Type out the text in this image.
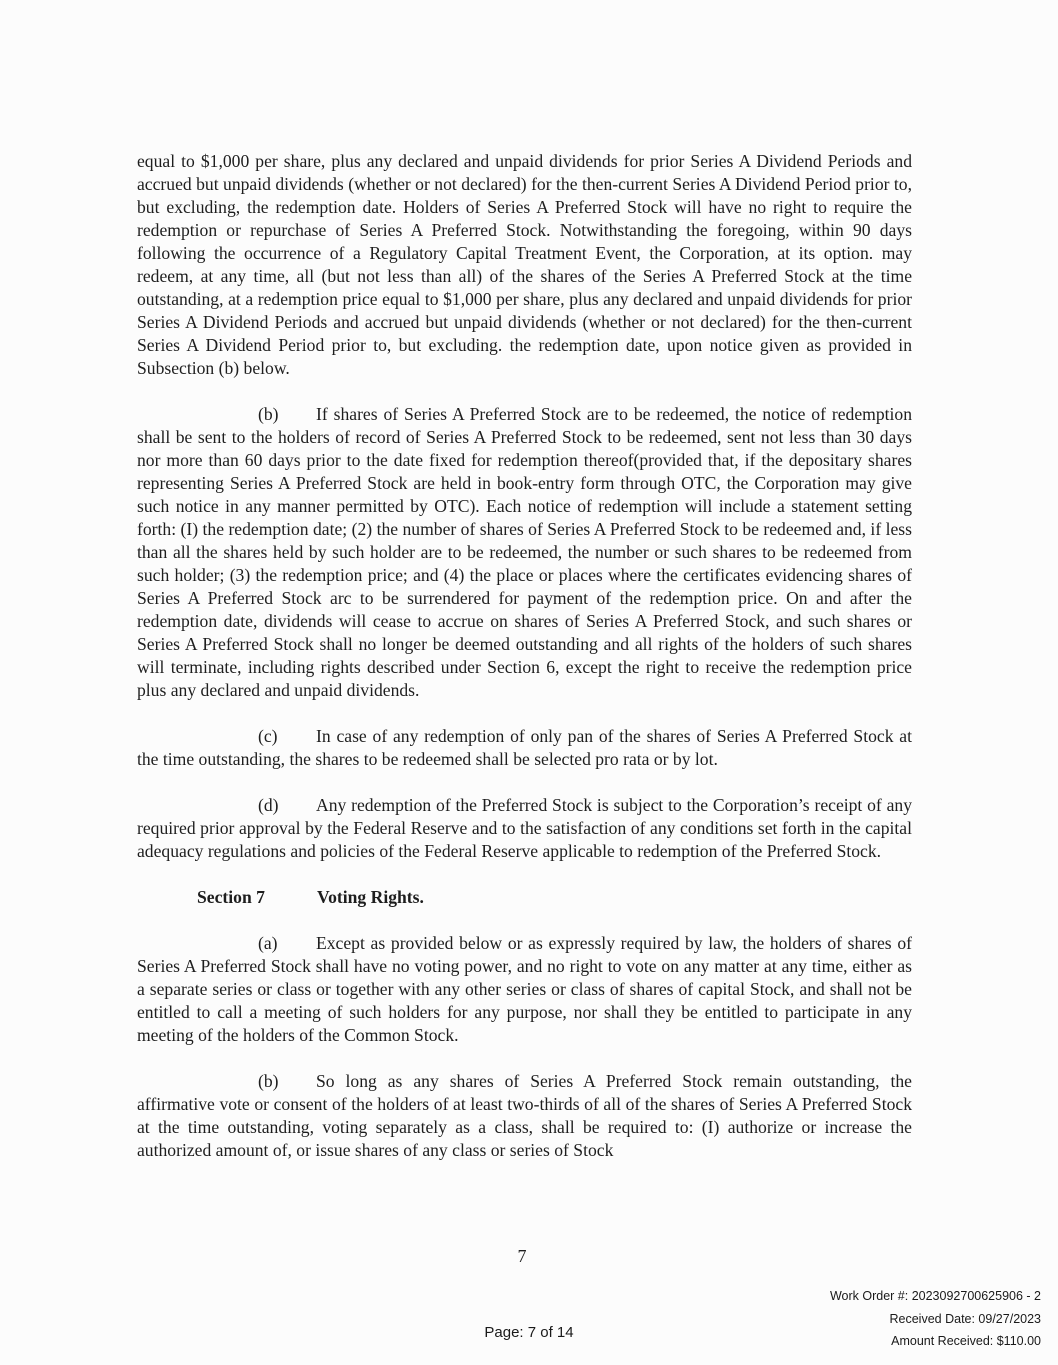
equal to $1,000 per share, plus any declared and unpaid dividends for prior Series A Dividend Periods and accrued but unpaid dividends (whether or not declared) for the then-current Series A Dividend Period prior to, but excluding, the redemption date. Holders of Series A Preferred Stock will have no right to require the redemption or repurchase of Series A Preferred Stock. Notwithstanding the foregoing, within 90 days following the occurrence of a Regulatory Capital Treatment Event, the Corporation, at its option. may redeem, at any time, all (but not less than all) of the shares of the Series A Preferred Stock at the time outstanding, at a redemption price equal to $1,000 per share, plus any declared and unpaid dividends for prior Series A Dividend Periods and accrued but unpaid dividends (whether or not declared) for the then-current Series A Dividend Period prior to, but excluding. the redemption date, upon notice given as provided in Subsection (b) below.

(b) If shares of Series A Preferred Stock are to be redeemed, the notice of redemption shall be sent to the holders of record of Series A Preferred Stock to be redeemed, sent not less than 30 days nor more than 60 days prior to the date fixed for redemption thereof(provided that, if the depositary shares representing Series A Preferred Stock are held in book-entry form through OTC, the Corporation may give such notice in any manner permitted by OTC). Each notice of redemption will include a statement setting forth: (I) the redemption date; (2) the number of shares of Series A Preferred Stock to be redeemed and, if less than all the shares held by such holder are to be redeemed, the number or such shares to be redeemed from such holder; (3) the redemption price; and (4) the place or places where the certificates evidencing shares of Series A Preferred Stock arc to be surrendered for payment of the redemption price. On and after the redemption date, dividends will cease to accrue on shares of Series A Preferred Stock, and such shares or Series A Preferred Stock shall no longer be deemed outstanding and all rights of the holders of such shares will terminate, including rights described under Section 6, except the right to receive the redemption price plus any declared and unpaid dividends.

(c) In case of any redemption of only pan of the shares of Series A Preferred Stock at the time outstanding, the shares to be redeemed shall be selected pro rata or by lot.

(d) Any redemption of the Preferred Stock is subject to the Corporation’s receipt of any required prior approval by the Federal Reserve and to the satisfaction of any conditions set forth in the capital adequacy regulations and policies of the Federal Reserve applicable to redemption of the Preferred Stock.

Section 7	Voting Rights.

(a) Except as provided below or as expressly required by law, the holders of shares of Series A Preferred Stock shall have no voting power, and no right to vote on any matter at any time, either as a separate series or class or together with any other series or class of shares of capital Stock, and shall not be entitled to call a meeting of such holders for any purpose, nor shall they be entitled to participate in any meeting of the holders of the Common Stock.

(b) So long as any shares of Series A Preferred Stock remain outstanding, the affirmative vote or consent of the holders of at least two-thirds of all of the shares of Series A Preferred Stock at the time outstanding, voting separately as a class, shall be required to: (I) authorize or increase the authorized amount of, or issue shares of any class or series of Stock

7
Work Order #: 2023092700625906 - 2
Received Date: 09/27/2023
Amount Received: $110.00
Page: 7 of 14
